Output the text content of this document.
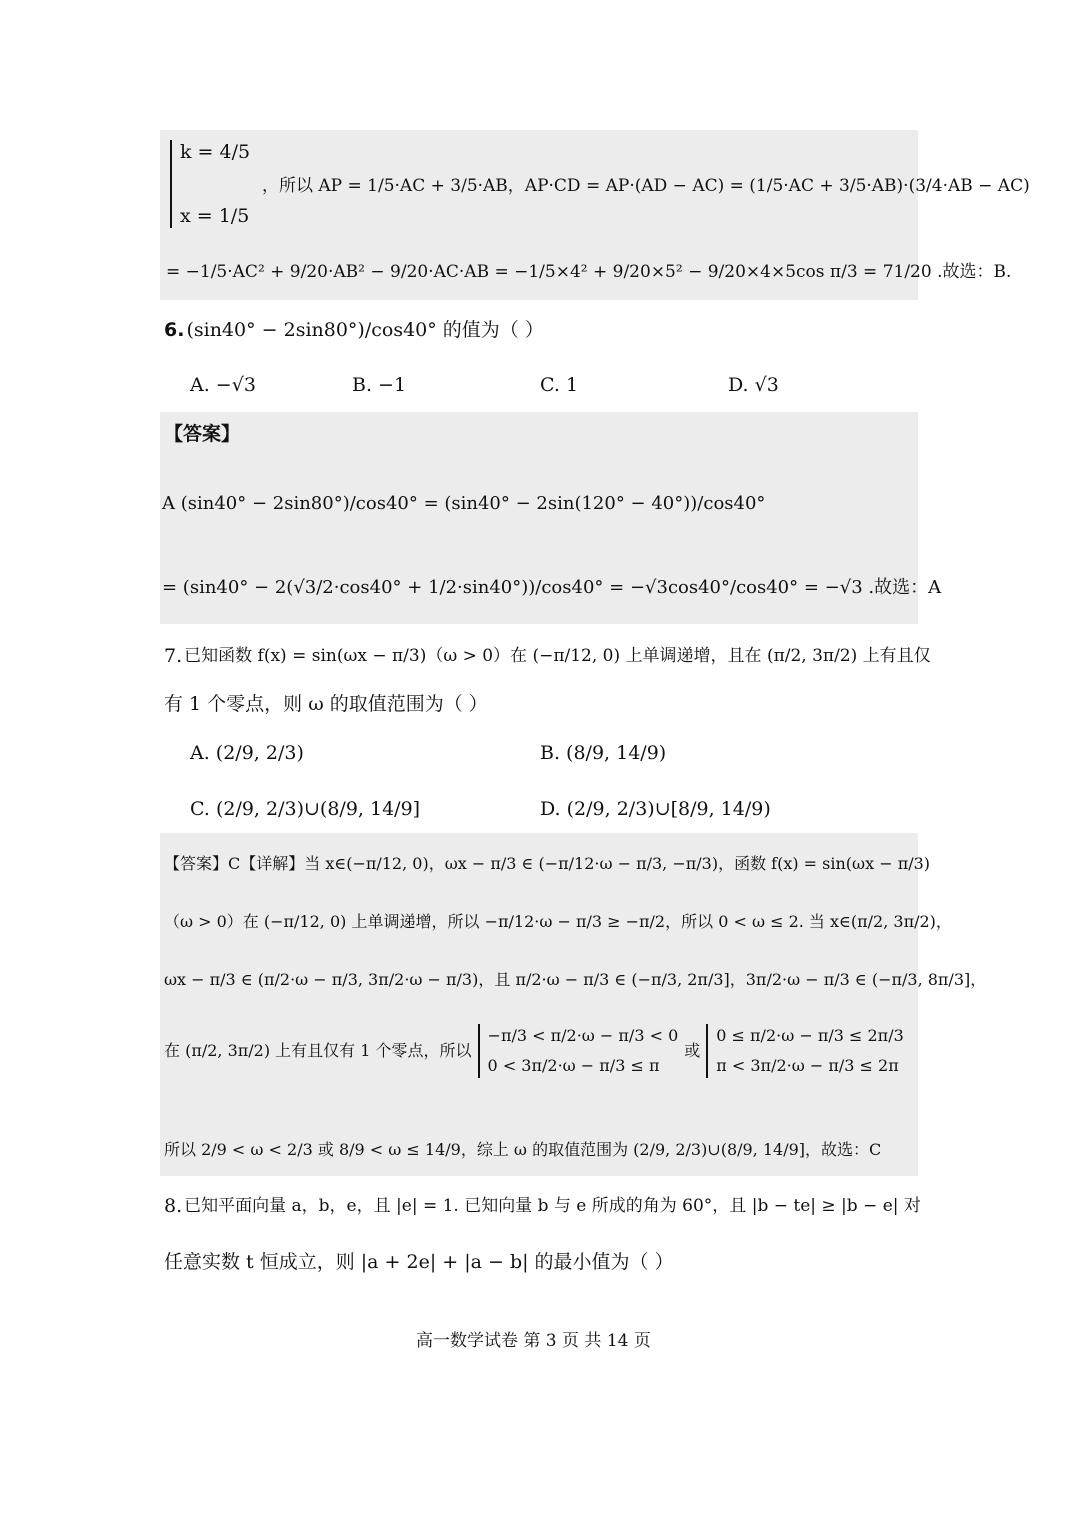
k = 4/5
x = 1/5
，所以 AP = 1/5·AC + 3/5·AB，AP·CD = AP·(AD − AC) = (1/5·AC + 3/5·AB)·(3/4·AB − AC)
= −1/5·AC² + 9/20·AB² − 9/20·AC·AB = −1/5×4² + 9/20×5² − 9/20×4×5cos π/3 = 71/20 .故选：B.
6. (sin40° − 2sin80°)/cos40° 的值为（ ）
A. −√3	B. −1	C. 1	D. √3
【答案】
A (sin40° − 2sin80°)/cos40° = (sin40° − 2sin(120° − 40°))/cos40°
= (sin40° − 2(√3/2·cos40° + 1/2·sin40°))/cos40° = −√3cos40°/cos40° = −√3 .故选：A
7. 已知函数 f(x) = sin(ωx − π/3)（ω > 0）在 (−π/12, 0) 上单调递增，且在 (π/2, 3π/2) 上有且仅
有 1 个零点，则 ω 的取值范围为（ ）
A. (2/9, 2/3)	B. (8/9, 14/9)
C. (2/9, 2/3)∪(8/9, 14/9]	D. (2/9, 2/3)∪[8/9, 14/9)
【答案】C【详解】当 x∈(−π/12, 0)，ωx − π/3 ∈ (−π/12·ω − π/3, −π/3)，函数 f(x) = sin(ωx − π/3)
（ω > 0）在 (−π/12, 0) 上单调递增，所以 −π/12·ω − π/3 ≥ −π/2，所以 0 < ω ≤ 2. 当 x∈(π/2, 3π/2)，
ωx − π/3 ∈ (π/2·ω − π/3, 3π/2·ω − π/3)，且 π/2·ω − π/3 ∈ (−π/3, 2π/3]，3π/2·ω − π/3 ∈ (−π/3, 8π/3]，
在 (π/2, 3π/2) 上有且仅有 1 个零点，所以
−π/3 < π/2·ω − π/3 < 0
0 < 3π/2·ω − π/3 ≤ π
或
0 ≤ π/2·ω − π/3 ≤ 2π/3
π < 3π/2·ω − π/3 ≤ 2π
所以 2/9 < ω < 2/3 或 8/9 < ω ≤ 14/9，综上 ω 的取值范围为 (2/9, 2/3)∪(8/9, 14/9]，故选：C
8. 已知平面向量 a，b，e，且 |e| = 1. 已知向量 b 与 e 所成的角为 60°，且 |b − te| ≥ |b − e| 对
任意实数 t 恒成立，则 |a + 2e| + |a − b| 的最小值为（ ）
高一数学试卷 第 3 页 共 14 页
